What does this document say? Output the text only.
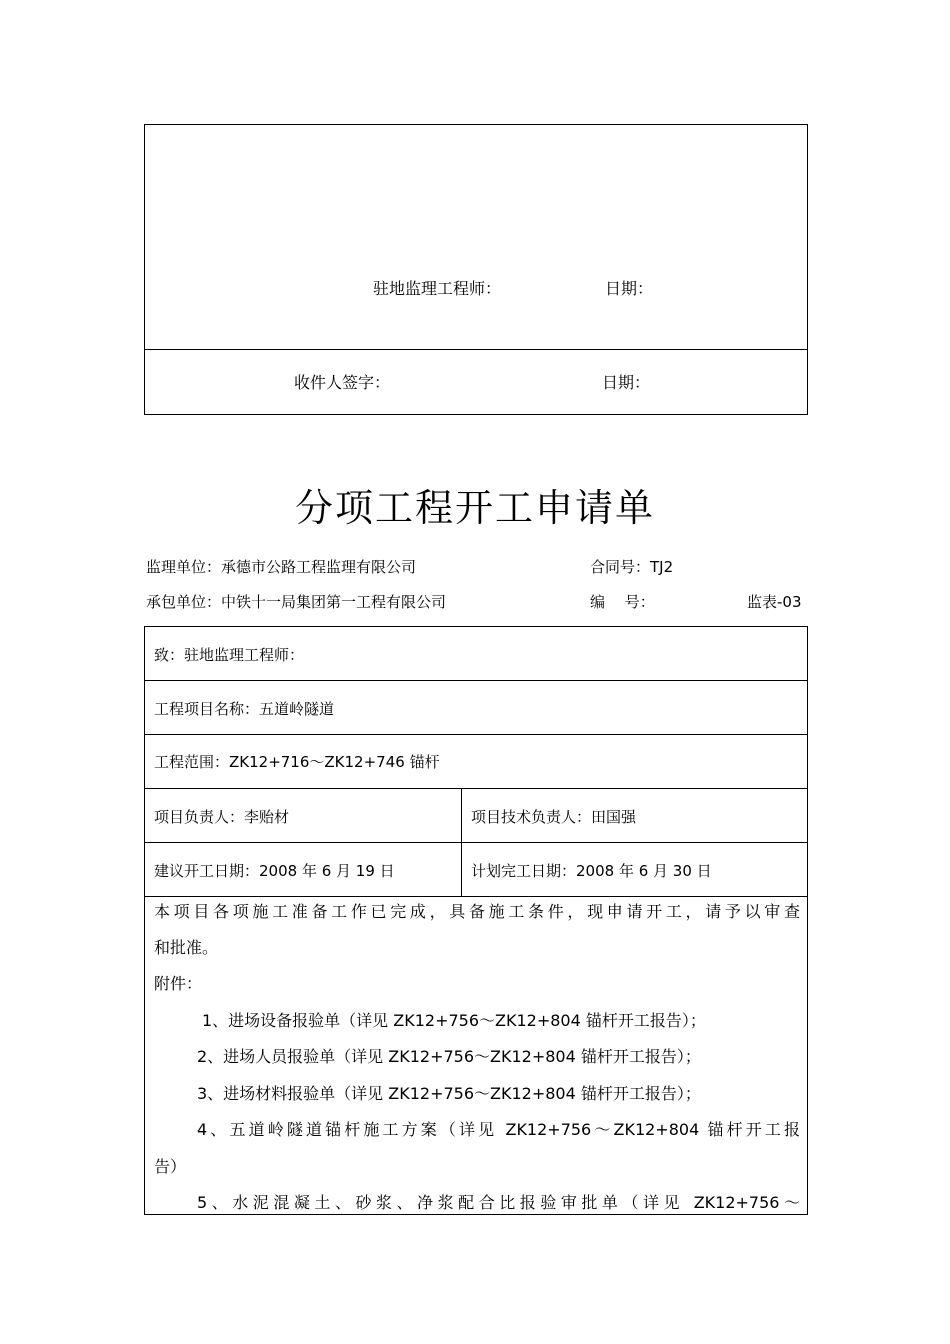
驻地监理工程师：	日期：
收件人签字：	日期：
分项工程开工申请单
监理单位：承德市公路工程监理有限公司	合同号：TJ2
承包单位：中铁十一局集团第一工程有限公司	编　 号：	监表-03
致：驻地监理工程师：
工程项目名称：五道岭隧道
工程范围：ZK12+716～ZK12+746 锚杆
项目负责人：李贻材	项目技术负责人：田国强
建议开工日期：2008 年 6 月 19 日	计划完工日期：2008 年 6 月 30 日
本项目各项施工准备工作已完成，具备施工条件，现申请开工，请予以审查
和批准。
附件：
1、进场设备报验单（详见 ZK12+756～ZK12+804 锚杆开工报告）；
2、进场人员报验单（详见 ZK12+756～ZK12+804 锚杆开工报告）；
3、进场材料报验单（详见 ZK12+756～ZK12+804 锚杆开工报告）；
4、五道岭隧道锚杆施工方案（详见 ZK12+756～ZK12+804 锚杆开工报
告）
5、水泥混凝土、砂浆、净浆配合比报验审批单（详见 ZK12+756～
